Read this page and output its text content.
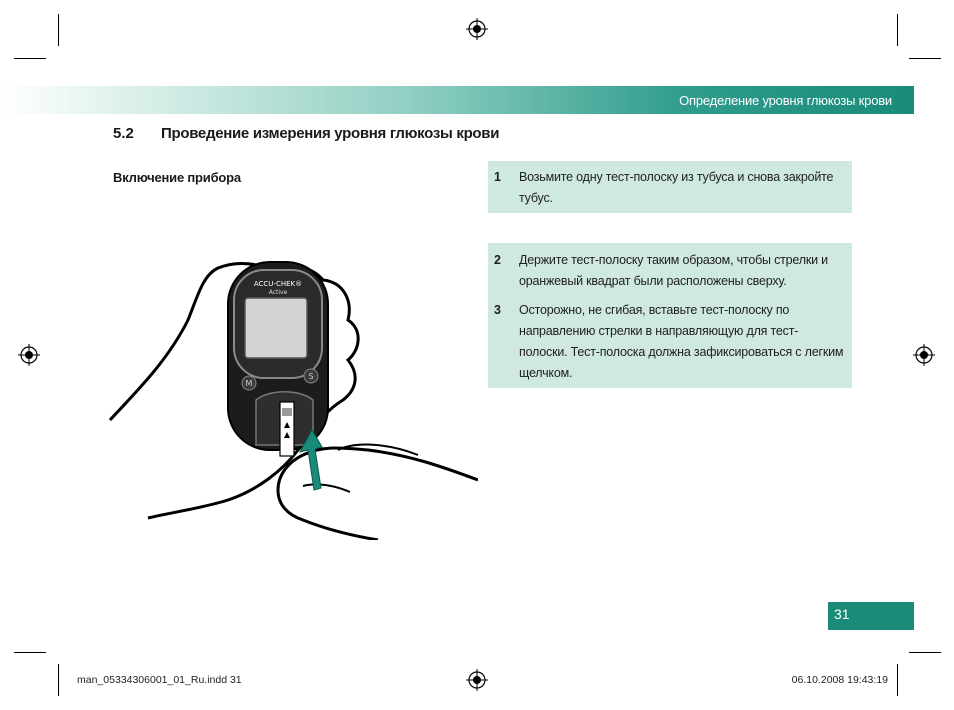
Определение уровня глюкозы крови
5.2 Проведение измерения уровня глюкозы крови
Включение прибора	1	Возьмите одну тест-полоску из тубуса и снова закройте тубус.
2	Держите тест-полоску таким образом, чтобы стрелки и оранжевый квадрат были расположены сверху.
3	Осторожно, не сгибая, вставьте тест-полоску по направлению стрелки в направляющую для тест-полоски. Тест-полоска должна зафиксироваться с легким щелчком.
ACCU-CHEK®
Active
M
S
31
man_05334306001_01_Ru.indd 31	06.10.2008 19:43:19
